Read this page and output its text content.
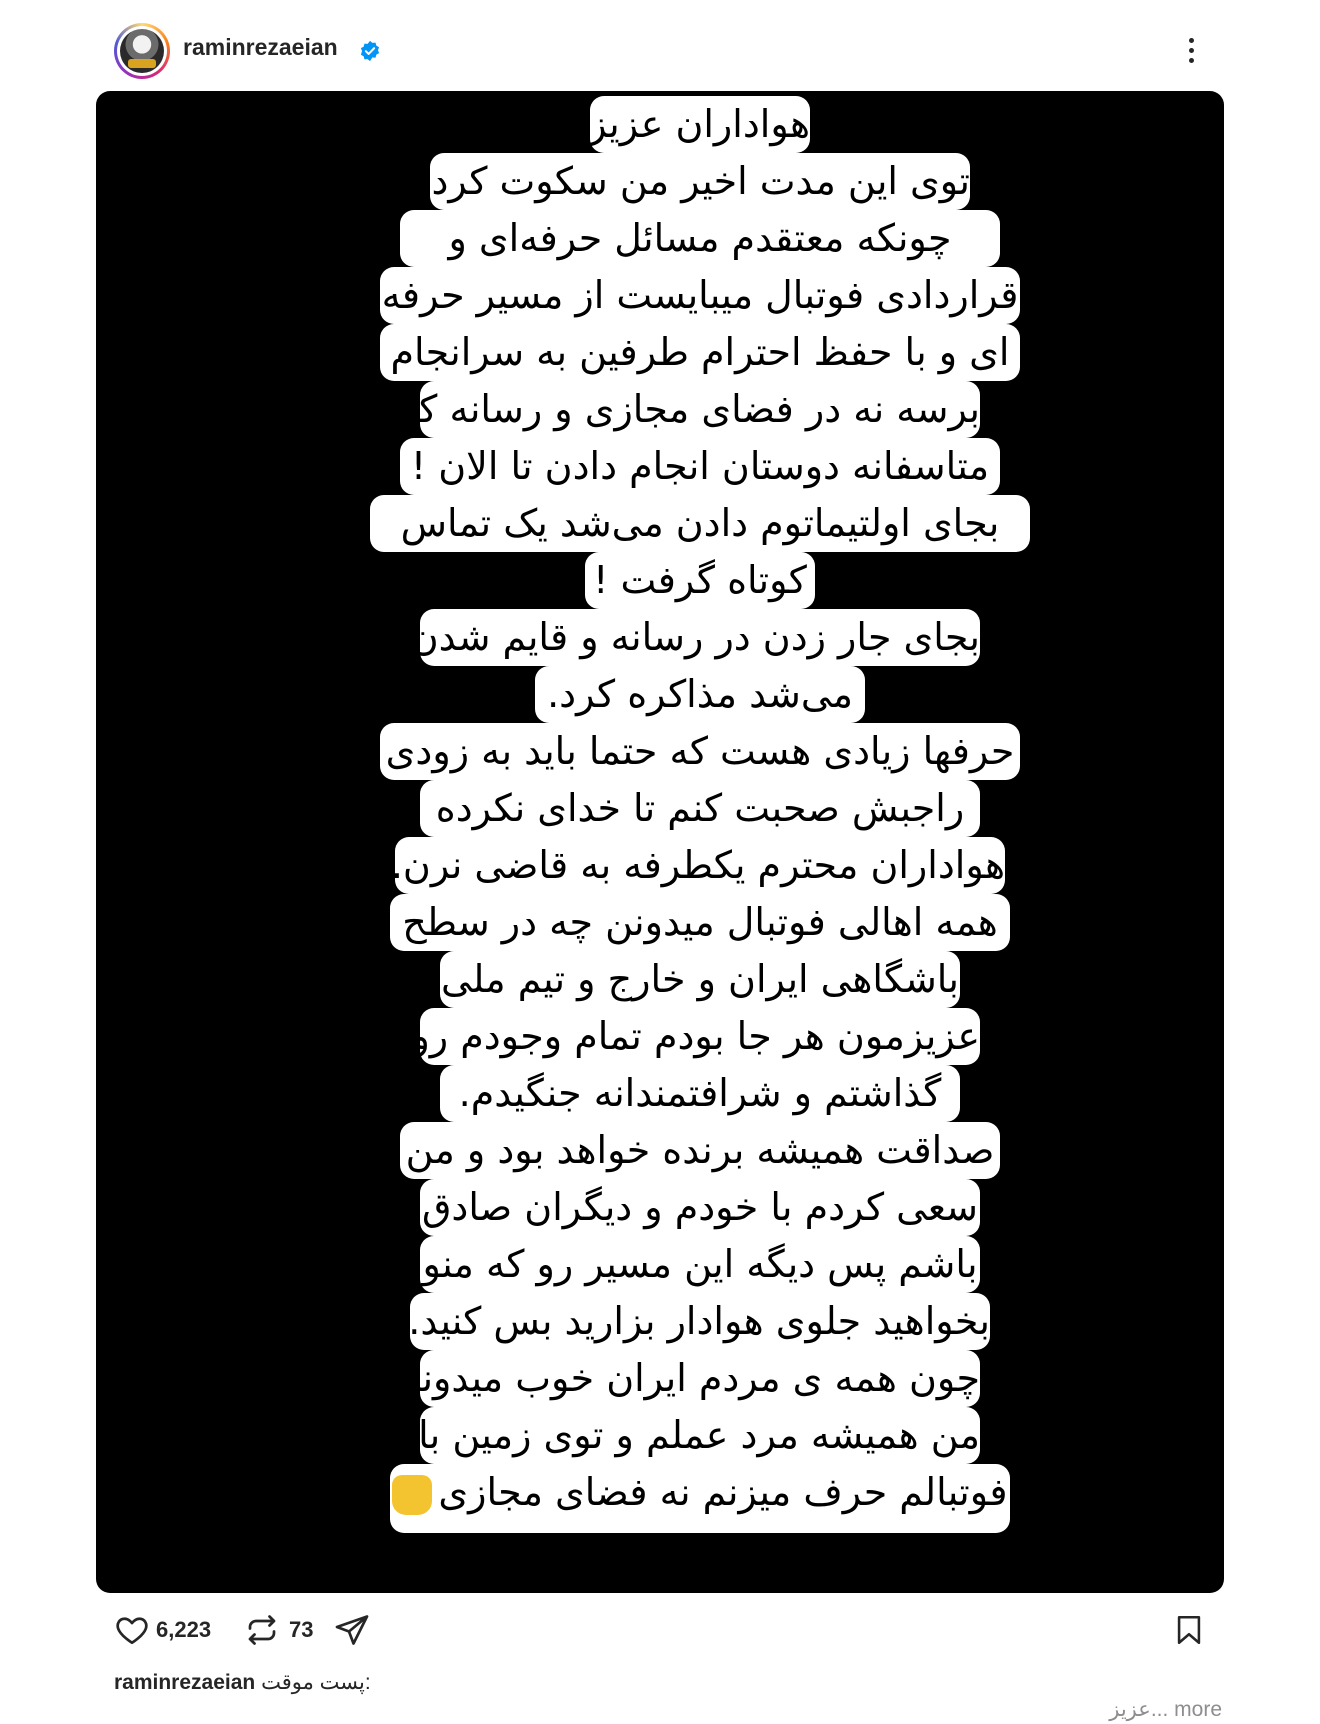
raminrezaeian
هواداران عزیز.
توی این مدت اخیر من سکوت کردم
چونکه معتقدم مسائل حرفه‌ای و
قراردادی فوتبال میبایست از مسیر حرفه
ای و با حفظ احترام طرفین به سرانجام
برسه نه در فضای مجازی و رسانه که
متاسفانه دوستان انجام دادن تا الان !
بجای اولتیماتوم دادن می‌شد یک تماس
کوتاه گرفت !
بجای جار زدن در رسانه و قایم شدن
می‌شد مذاکره کرد.
حرفها زیادی هست که حتما باید به زودی
راجبش صحبت کنم تا خدای نکرده
هواداران محترم یکطرفه به قاضی نرن.
همه اهالی فوتبال میدونن چه در سطح
باشگاهی ایران و خارج و تیم ملی
عزیزمون هر جا بودم تمام وجودم رو
گذاشتم و شرافتمندانه جنگیدم.
صداقت همیشه برنده خواهد بود و من
سعی کردم با خودم و دیگران صادق
باشم پس دیگه این مسیر رو که منو
بخواهید جلوی هوادار بزارید بس کنید.
چون همه ی مردم ایران خوب میدونند
من همیشه مرد عملم و توی زمین با
فوتبالم حرف میزنم نه فضای مجازی
6,223	73
raminrezaeian پست موقت:
عزیز... more
